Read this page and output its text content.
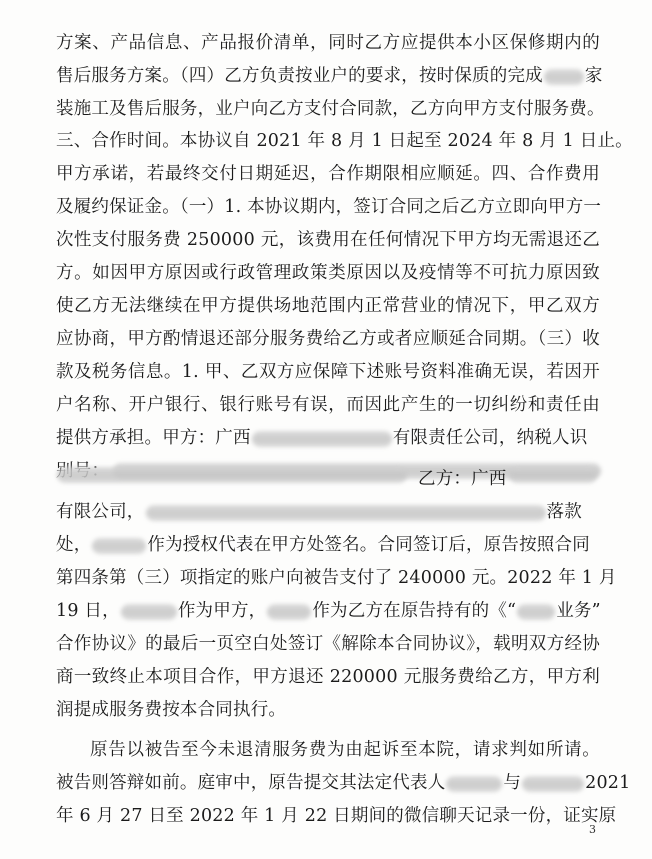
方案、产品信息、产品报价清单，同时乙方应提供本小区保修期内的
售后服务方案。（四）乙方负责按业户的要求，按时保质的完成 家
装施工及售后服务，业户向乙方支付合同款，乙方向甲方支付服务费。
三、合作时间。本协议自 2021 年 8 月 1 日起至 2024 年 8 月 1 日止。
甲方承诺，若最终交付日期延迟，合作期限相应顺延。四、合作费用
及履约保证金。（一）1. 本协议期内，签订合同之后乙方立即向甲方一
次性支付服务费 250000 元，该费用在任何情况下甲方均无需退还乙
方。如因甲方原因或行政管理政策类原因以及疫情等不可抗力原因致
使乙方无法继续在甲方提供场地范围内正常营业的情况下，甲乙双方
应协商，甲方酌情退还部分服务费给乙方或者应顺延合同期。（三）收
款及税务信息。1. 甲、乙双方应保障下述账号资料准确无误，若因开
户名称、开户银行、银行账号有误，而因此产生的一切纠纷和责任由
提供方承担。甲方：广西	有限责任公司，纳税人识
乙方：广西
有限公司，	落款
处，	作为授权代表在甲方处签名。合同签订后，原告按照合同
第四条第（三）项指定的账户向被告支付了 240000 元。2022 年 1 月
19 日，	作为甲方，	作为乙方在原告持有的《“ 业务”
合作协议》的最后一页空白处签订《解除本合同协议》，载明双方经协
商一致终止本项目合作，甲方退还 220000 元服务费给乙方，甲方利
润提成服务费按本合同执行。
原告以被告至今未退清服务费为由起诉至本院，请求判如所请。
被告则答辩如前。庭审中，原告提交其法定代表人	与	2021
年 6 月 27 日至 2022 年 1 月 22 日期间的微信聊天记录一份，证实原
3
